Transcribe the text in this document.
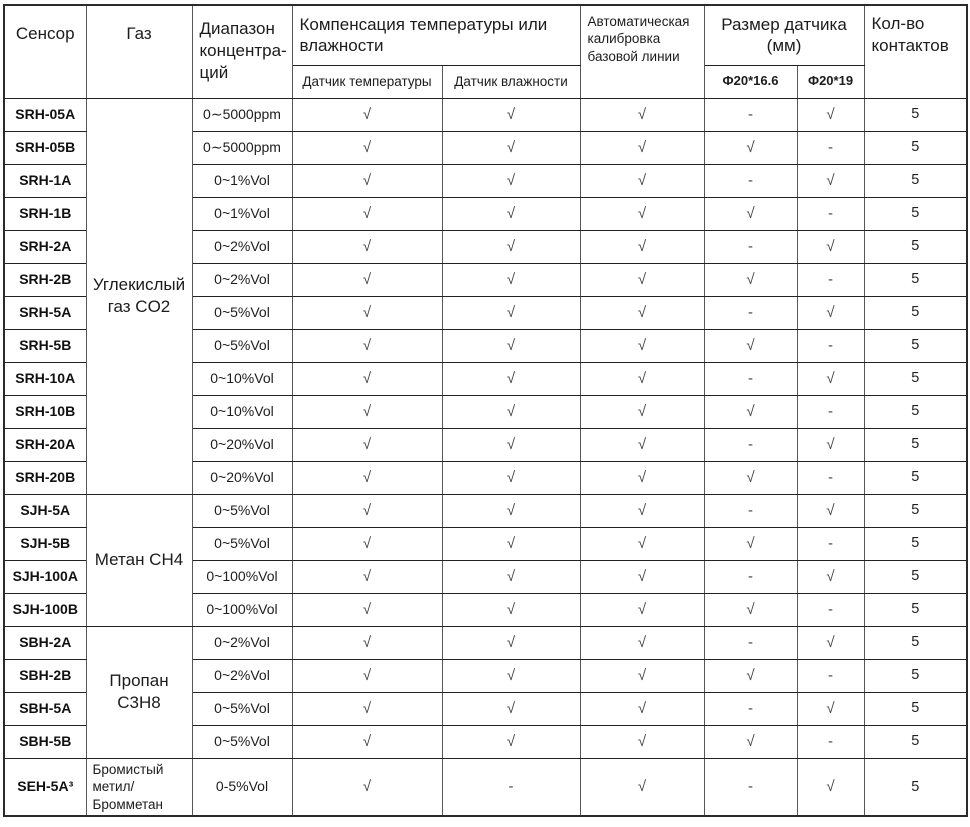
Сенсор	Газ	Диапазон концентра-ций	Компенсация температуры или влажности		Автоматическая калибровка базовой линии	Размер датчика (мм)		Кол-во контактов
			Датчик температуры	Датчик влажности		Ф20*16.6	Ф20*19	
SRH-05A	Углекислый газ CO2	0∼5000ppm	√	√	√	-	√	5
SRH-05B		0∼5000ppm	√	√	√	√	-	5
SRH-1A		0~1%Vol	√	√	√	-	√	5
SRH-1B		0~1%Vol	√	√	√	√	-	5
SRH-2A		0~2%Vol	√	√	√	-	√	5
SRH-2B		0~2%Vol	√	√	√	√	-	5
SRH-5A		0~5%Vol	√	√	√	-	√	5
SRH-5B		0~5%Vol	√	√	√	√	-	5
SRH-10A		0~10%Vol	√	√	√	-	√	5
SRH-10B		0~10%Vol	√	√	√	√	-	5
SRH-20A		0~20%Vol	√	√	√	-	√	5
SRH-20B		0~20%Vol	√	√	√	√	-	5
SJH-5A	Метан CH4	0~5%Vol	√	√	√	-	√	5
SJH-5B		0~5%Vol	√	√	√	√	-	5
SJH-100A		0~100%Vol	√	√	√	-	√	5
SJH-100B		0~100%Vol	√	√	√	√	-	5
SBH-2A	Пропан C3H8	0~2%Vol	√	√	√	-	√	5
SBH-2B		0~2%Vol	√	√	√	√	-	5
SBH-5A		0~5%Vol	√	√	√	-	√	5
SBH-5B		0~5%Vol	√	√	√	√	-	5
SEH-5A³	Бромистый метил/ Бромметан	0-5%Vol	√	-	√	-	√	5
